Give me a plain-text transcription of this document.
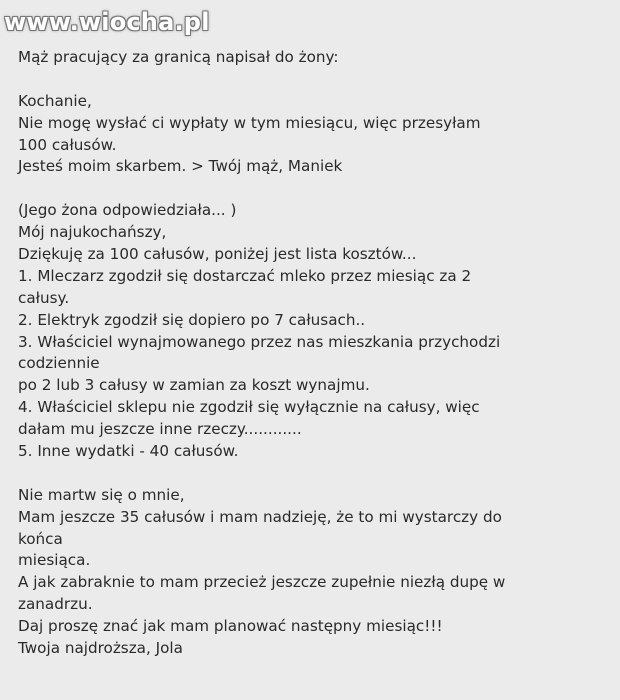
www.wiocha.pl
Mąż pracujący za granicą napisał do żony:
Kochanie,
Nie mogę wysłać ci wypłaty w tym miesiącu, więc przesyłam
100 całusów.
Jesteś moim skarbem. > Twój mąż, Maniek
(Jego żona odpowiedziała... )
Mój najukochańszy,
Dziękuję za 100 całusów, poniżej jest lista kosztów...
1. Mleczarz zgodził się dostarczać mleko przez miesiąc za 2
całusy.
2. Elektryk zgodził się dopiero po 7 całusach..
3. Właściciel wynajmowanego przez nas mieszkania przychodzi
codziennie
po 2 lub 3 całusy w zamian za koszt wynajmu.
4. Właściciel sklepu nie zgodził się wyłącznie na całusy, więc
dałam mu jeszcze inne rzeczy............
5. Inne wydatki - 40 całusów.
Nie martw się o mnie,
Mam jeszcze 35 całusów i mam nadzieję, że to mi wystarczy do
końca
miesiąca.
A jak zabraknie to mam przecież jeszcze zupełnie niezłą dupę w
zanadrzu.
Daj proszę znać jak mam planować następny miesiąc!!!
Twoja najdroższa, Jola
